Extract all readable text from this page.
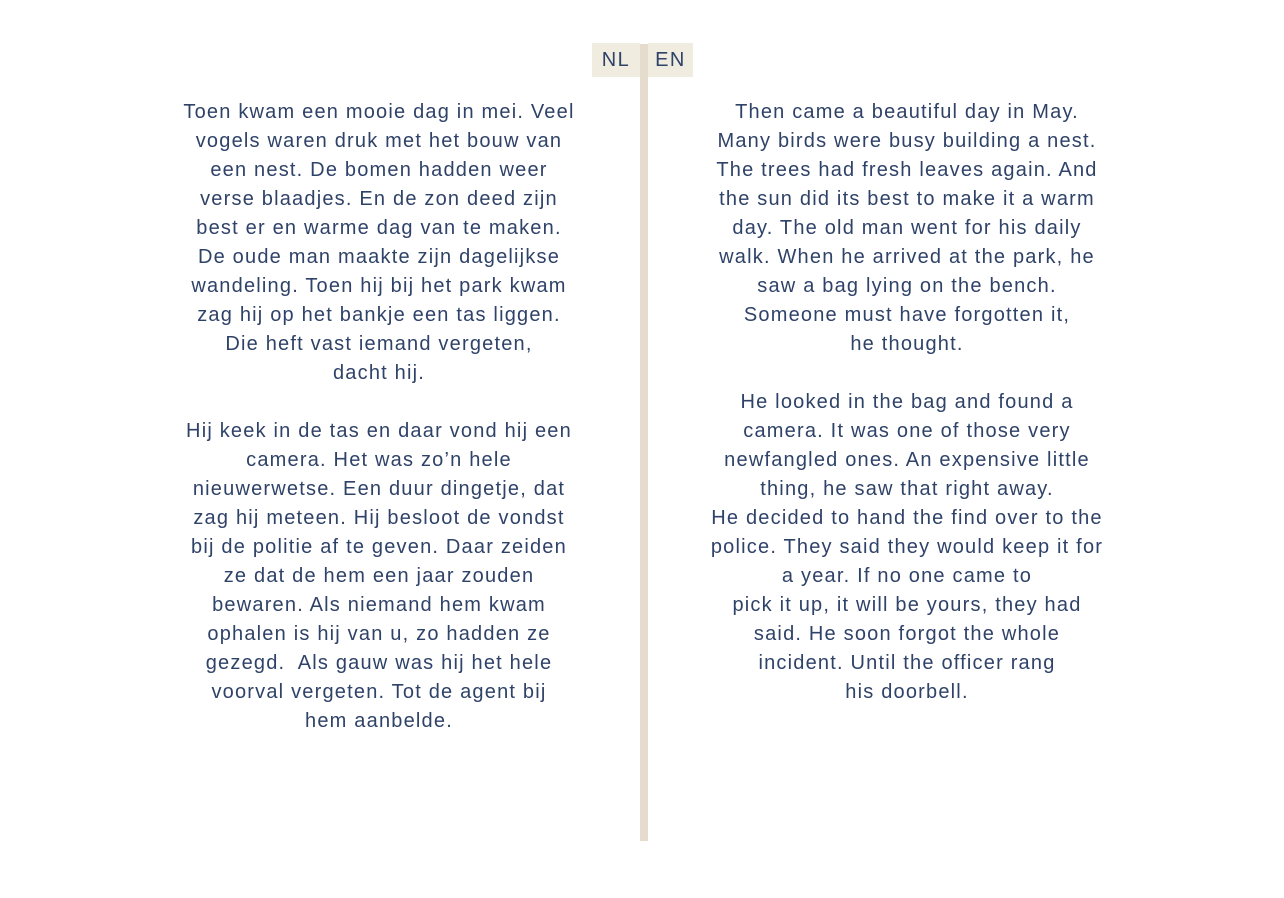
NL	EN
Toen kwam een mooie dag in mei. Veel
vogels waren druk met het bouw van
een nest. De bomen hadden weer
verse blaadjes. En de zon deed zijn
best er en warme dag van te maken.
De oude man maakte zijn dagelijkse
wandeling. Toen hij bij het park kwam
zag hij op het bankje een tas liggen.
Die heft vast iemand vergeten,
dacht hij.
Hij keek in de tas en daar vond hij een
camera. Het was zo’n hele
nieuwerwetse. Een duur dingetje, dat
zag hij meteen. Hij besloot de vondst
bij de politie af te geven. Daar zeiden
ze dat de hem een jaar zouden
bewaren. Als niemand hem kwam
ophalen is hij van u, zo hadden ze
gezegd.  Als gauw was hij het hele
voorval vergeten. Tot de agent bij
hem aanbelde.
Then came a beautiful day in May.
Many birds were busy building a nest.
The trees had fresh leaves again. And
the sun did its best to make it a warm
day. The old man went for his daily
walk. When he arrived at the park, he
saw a bag lying on the bench.
Someone must have forgotten it,
he thought.
He looked in the bag and found a
camera. It was one of those very
newfangled ones. An expensive little
thing, he saw that right away.
He decided to hand the find over to the
police. They said they would keep it for
a year. If no one came to
pick it up, it will be yours, they had
said. He soon forgot the whole
incident. Until the officer rang
his doorbell.
